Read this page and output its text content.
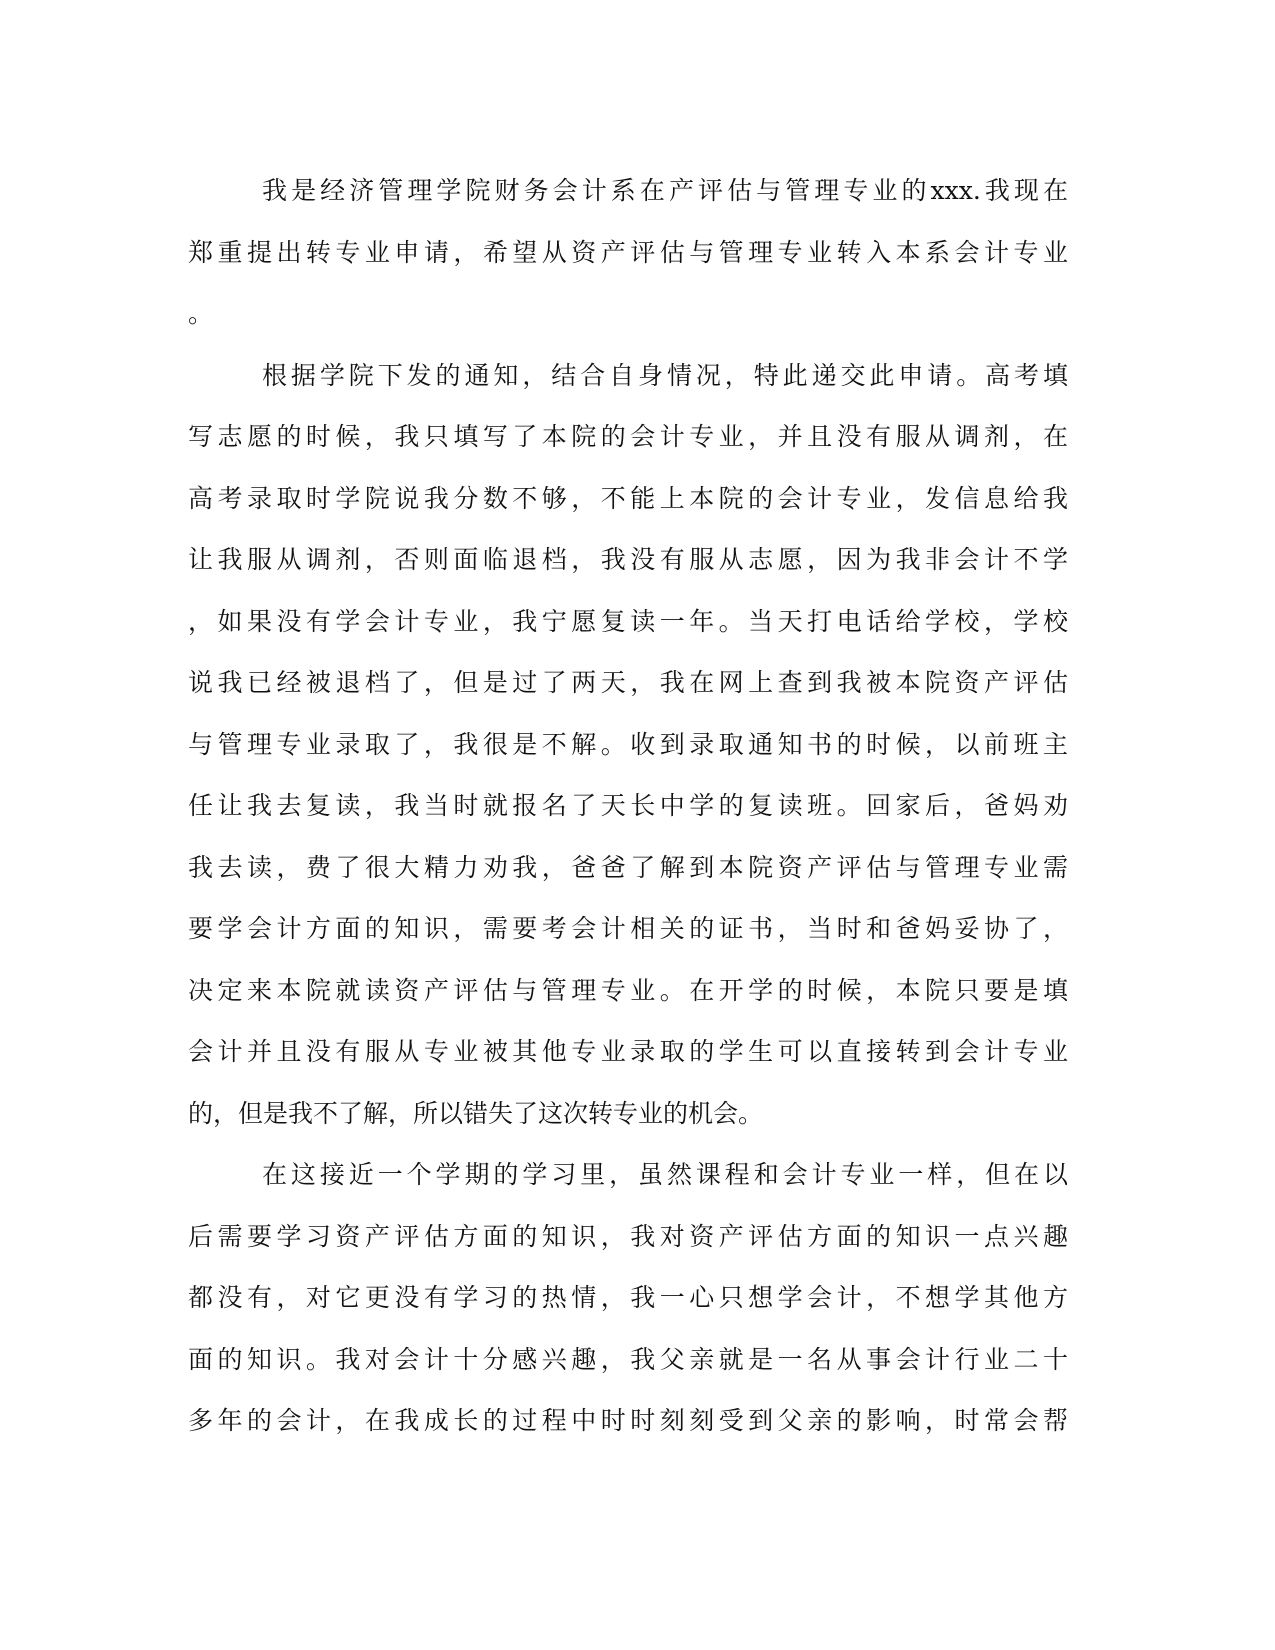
我是经济管理学院财务会计系在产评估与管理专业的xxx.我现在
郑重提出转专业申请，希望从资产评估与管理专业转入本系会计专业
。
根据学院下发的通知，结合自身情况，特此递交此申请。高考填
写志愿的时候，我只填写了本院的会计专业，并且没有服从调剂，在
高考录取时学院说我分数不够，不能上本院的会计专业，发信息给我
让我服从调剂，否则面临退档，我没有服从志愿，因为我非会计不学
，如果没有学会计专业，我宁愿复读一年。当天打电话给学校，学校
说我已经被退档了，但是过了两天，我在网上查到我被本院资产评估
与管理专业录取了，我很是不解。收到录取通知书的时候，以前班主
任让我去复读，我当时就报名了天长中学的复读班。回家后，爸妈劝
我去读，费了很大精力劝我，爸爸了解到本院资产评估与管理专业需
要学会计方面的知识，需要考会计相关的证书，当时和爸妈妥协了，
决定来本院就读资产评估与管理专业。在开学的时候，本院只要是填
会计并且没有服从专业被其他专业录取的学生可以直接转到会计专业
的，但是我不了解，所以错失了这次转专业的机会。
在这接近一个学期的学习里，虽然课程和会计专业一样，但在以
后需要学习资产评估方面的知识，我对资产评估方面的知识一点兴趣
都没有，对它更没有学习的热情，我一心只想学会计，不想学其他方
面的知识。我对会计十分感兴趣，我父亲就是一名从事会计行业二十
多年的会计，在我成长的过程中时时刻刻受到父亲的影响，时常会帮
